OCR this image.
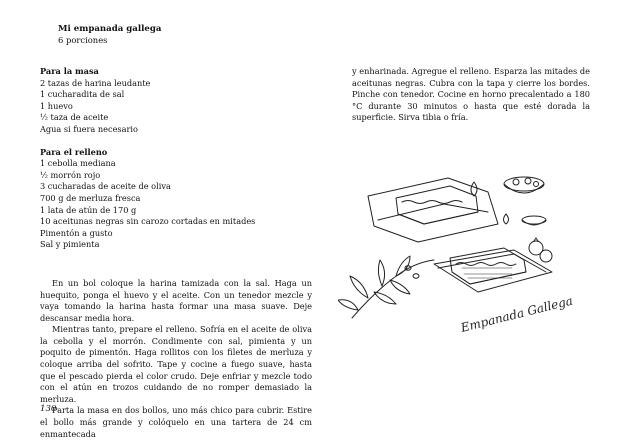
Mi empanada gallega

6 porciones

Para la masa

2 tazas de harina leudante

1 cucharadita de sal

1 huevo

½ taza de aceite

Agua si fuera necesario

Para el relleno

1 cebolla mediana

½ morrón rojo

3 cucharadas de aceite de oliva

700 g de merluza fresca

1 lata de atún de 170 g

10 aceitunas negras sin carozo cortadas en mitades

Pimentón a gusto

Sal y pimienta

En un bol coloque la harina tamizada con la sal. Haga un huequito, ponga el huevo y el aceite. Con un tenedor mezcle y vaya tomando la harina hasta formar una masa suave. Deje descansar media hora.

Mientras tanto, prepare el relleno. Sofría en el aceite de oliva la cebolla y el morrón. Condimente con sal, pimienta y un poquito de pimentón. Haga rollitos con los filetes de merluza y coloque arriba del sofrito. Tape y cocine a fuego suave, hasta que el pescado pierda el color crudo. Deje enfriar y mezcle todo con el atún en trozos cuidando de no romper demasiado la merluza.

Parta la masa en dos bollos, uno más chico para cubrir. Estire el bollo más grande y colóquelo en una tartera de 24 cm enmantecada

130

y enharinada. Agregue el relleno. Esparza las mitades de aceitunas negras. Cubra con la tapa y cierre los bordes. Pinche con tenedor. Cocine en horno precalentado a 180 °C durante 30 minutos o hasta que esté dorada la superficie. Sirva tibia o fría.

Empanada Gallega
